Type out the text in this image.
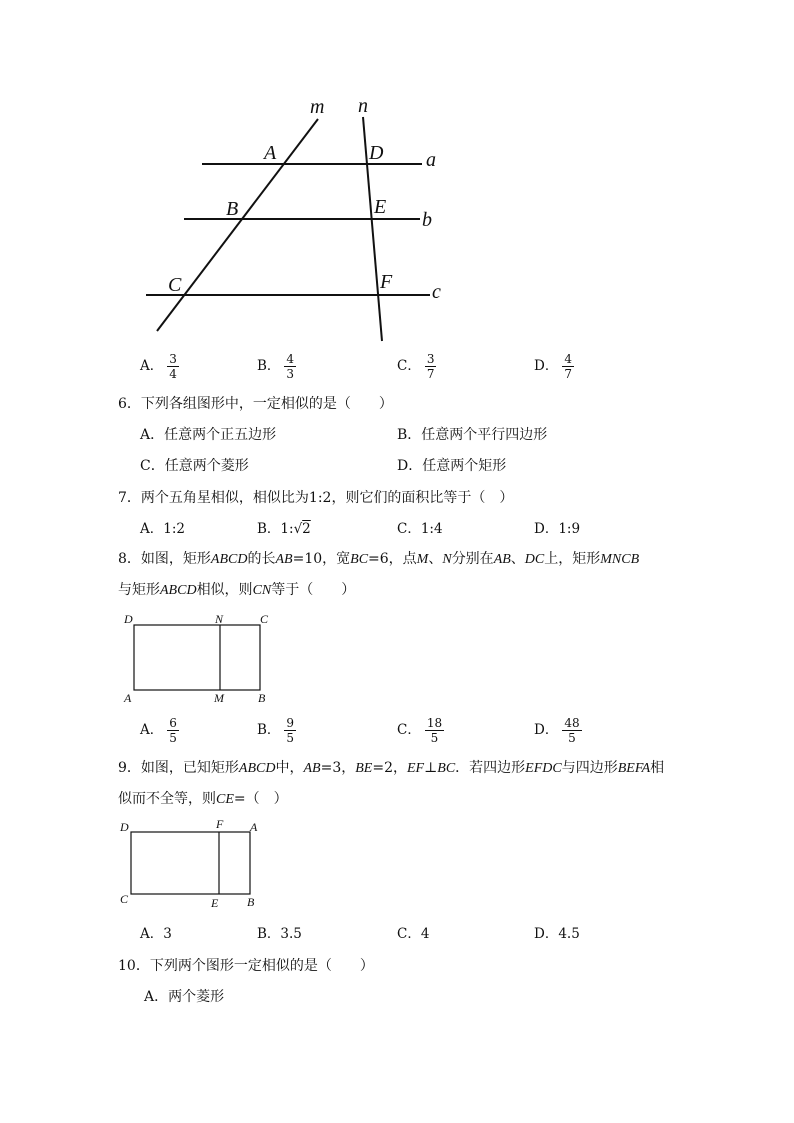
m n
A	D a
B	E
b
C	F c
A． $\frac{3}{4}$	B． $\frac{4}{3}$	C． $\frac{3}{7}$	D． $\frac{4}{7}$
6．下列各组图形中，一定相似的是（　　）
A．任意两个正五边形	B．任意两个平行四边形
C．任意两个菱形	D．任意两个矩形
7．两个五角星相似，相似比为1:2，则它们的面积比等于（　）
A．1:2	B．1:√2	C．1:4	D．1:9
8．如图，矩形ABCD的长AB=10，宽BC=6，点M、N分别在AB、DC上，矩形MNCB
与矩形ABCD相似，则CN等于（　　）
D	N	C
A	M	B
A． $\frac{6}{5}$	B． $\frac{9}{5}$	C． $\frac{18}{5}$	D． $\frac{48}{5}$
9．如图，已知矩形ABCD中，AB=3，BE=2，EF⊥BC．若四边形EFDC与四边形BEFA相
似而不全等，则CE=（　）
D	F A
C	E B
A．3	B．3.5	C．4	D．4.5
10．下列两个图形一定相似的是（　　）
A．两个菱形
